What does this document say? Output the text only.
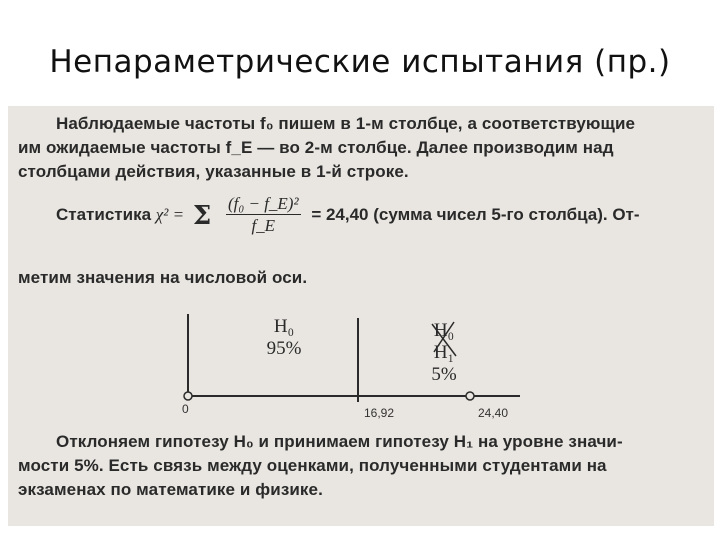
Непараметрические испытания (пр.)
Наблюдаемые частоты f₀ пишем в 1-м столбце, а соответствующие
им ожидаемые частоты f_E — во 2-м столбце. Далее производим над
столбцами действия, указанные в 1-й строке.
Статистика χ² = Σ $\frac{\text{(f₀ − f\_E)²}}{f\_E} = 24,40$ (сумма чисел 5-го столбца). От-
метим значения на числовой оси.
H₀
95%
H₀
H₁
5%
0	16,92	24,40
Отклоняем гипотезу H₀ и принимаем гипотезу H₁ на уровне значи-
мости 5%. Есть связь между оценками, полученными студентами на
экзаменах по математике и физике.
